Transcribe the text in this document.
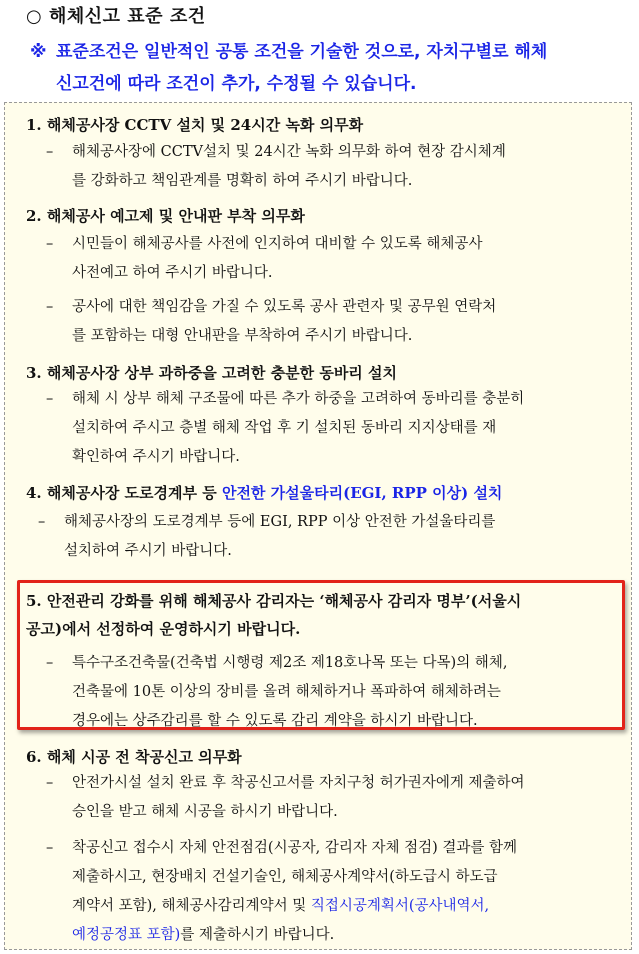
○ 해체신고 표준 조건
※ 표준조건은 일반적인 공통 조건을 기술한 것으로, 자치구별로 해체
신고건에 따라 조건이 추가, 수정될 수 있습니다.
1. 해체공사장 CCTV 설치 및 24시간 녹화 의무화
–	해체공사장에 CCTV설치 및 24시간 녹화 의무화 하여 현장 감시체계
를 강화하고 책임관계를 명확히 하여 주시기 바랍니다.
2. 해체공사 예고제 및 안내판 부착 의무화
–	시민들이 해체공사를 사전에 인지하여 대비할 수 있도록 해체공사
사전예고 하여 주시기 바랍니다.
–	공사에 대한 책임감을 가질 수 있도록 공사 관련자 및 공무원 연락처
를 포함하는 대형 안내판을 부착하여 주시기 바랍니다.
3. 해체공사장 상부 과하중을 고려한 충분한 동바리 설치
–	해체 시 상부 해체 구조물에 따른 추가 하중을 고려하여 동바리를 충분히
설치하여 주시고 층별 해체 작업 후 기 설치된 동바리 지지상태를 재
확인하여 주시기 바랍니다.
4. 해체공사장 도로경계부 등 안전한 가설울타리(EGI, RPP 이상) 설치
–	해체공사장의 도로경계부 등에 EGI, RPP 이상 안전한 가설울타리를
설치하여 주시기 바랍니다.
5. 안전관리 강화를 위해 해체공사 감리자는 ‘해체공사 감리자 명부’(서울시
공고)에서 선정하여 운영하시기 바랍니다.
–	특수구조건축물(건축법 시행령 제2조 제18호나목 또는 다목)의 해체,
건축물에 10톤 이상의 장비를 올려 해체하거나 폭파하여 해체하려는
경우에는 상주감리를 할 수 있도록 감리 계약을 하시기 바랍니다.
6. 해체 시공 전 착공신고 의무화
–	안전가시설 설치 완료 후 착공신고서를 자치구청 허가권자에게 제출하여
승인을 받고 해체 시공을 하시기 바랍니다.
–	착공신고 접수시 자체 안전점검(시공자, 감리자 자체 점검) 결과를 함께
제출하시고, 현장배치 건설기술인, 해체공사계약서(하도급시 하도급
계약서 포함), 해체공사감리계약서 및 직접시공계획서(공사내역서,
예정공정표 포함)를 제출하시기 바랍니다.
